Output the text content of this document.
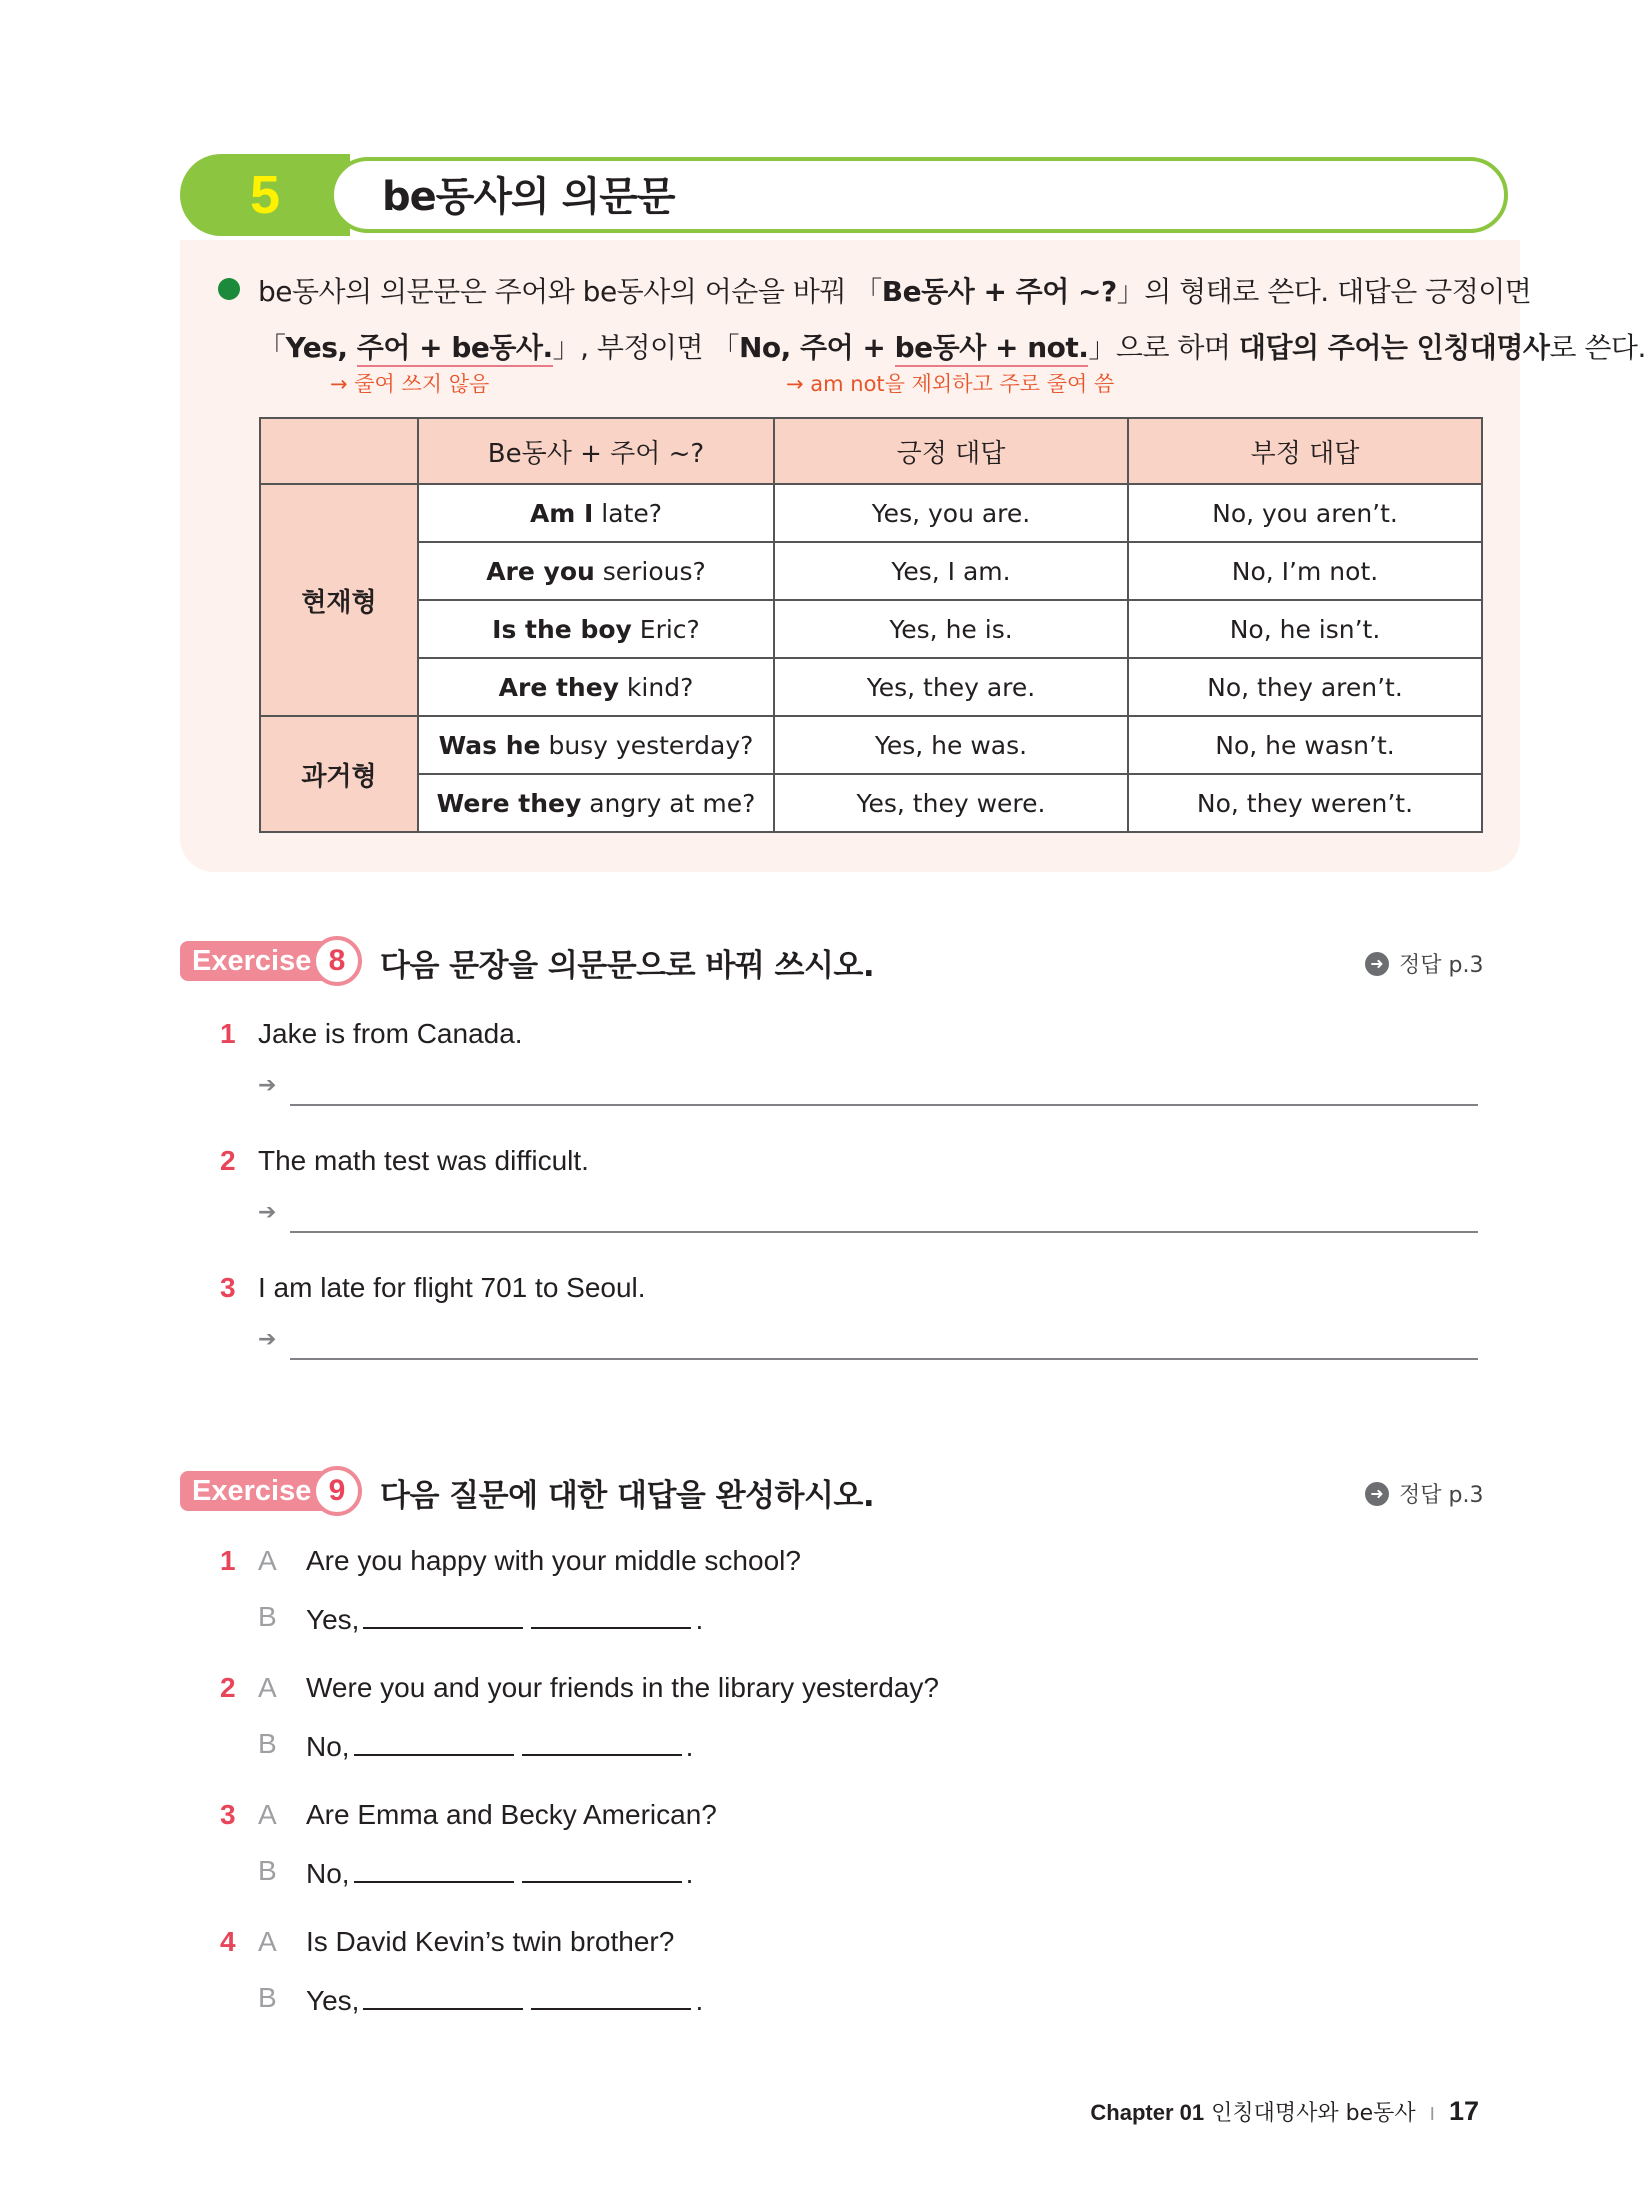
5	be동사의 의문문
be동사의 의문문은 주어와 be동사의 어순을 바꿔 「Be동사 + 주어 ~?」의 형태로 쓴다. 대답은 긍정이면
「Yes, 주어 + be동사.」, 부정이면 「No, 주어 + be동사 + not.」으로 하며 대답의 주어는 인칭대명사로 쓴다.
→ 줄여 쓰지 않음	→ am not을 제외하고 주로 줄여 씀
	Be동사 + 주어 ~?	긍정 대답	부정 대답
현재형	Am I late?	Yes, you are.	No, you aren’t.
	Are you serious?	Yes, I am.	No, I’m not.
	Is the boy Eric?	Yes, he is.	No, he isn’t.
	Are they kind?	Yes, they are.	No, they aren’t.
과거형	Was he busy yesterday?	Yes, he was.	No, he wasn’t.
	Were they angry at me?	Yes, they were.	No, they weren’t.
Exercise 8	다음 문장을 의문문으로 바꿔 쓰시오.	➜ 정답 p.3
1 Jake is from Canada.
➔
2 The math test was difficult.
➔
3 I am late for flight 701 to Seoul.
➔
Exercise 9	다음 질문에 대한 대답을 완성하시오.	➜ 정답 p.3
1 A Are you happy with your middle school?
B Yes,	.
2 A Were you and your friends in the library yesterday?
B No,	.
3 A Are Emma and Becky American?
B No,	.
4 A Is David Kevin’s twin brother?
B Yes,	.
Chapter 01 인칭대명사와 be동사 I 17
